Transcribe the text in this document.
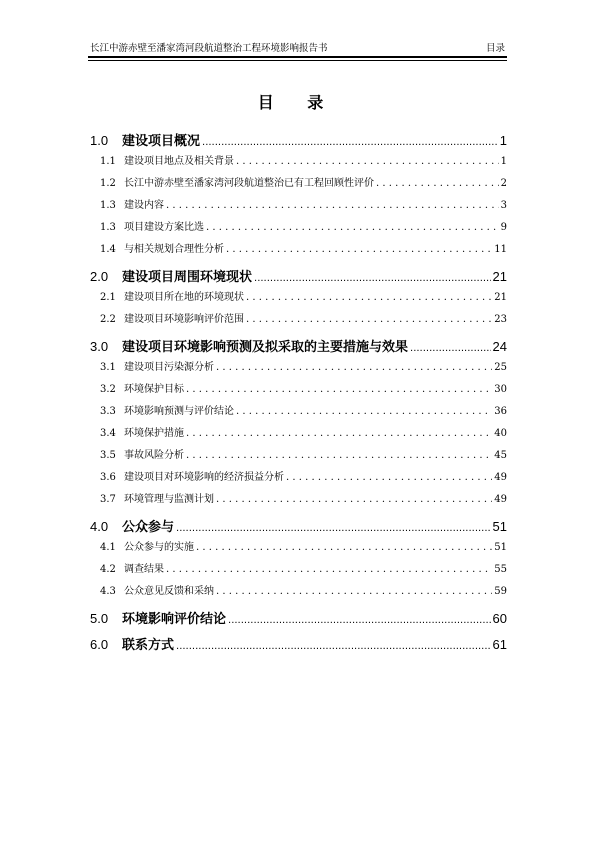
长江中游赤壁至潘家湾河段航道整治工程环境影响报告书	目录
目 录
1.0	建设项目概况 .....	1
1.1 建设项目地点及相关背景 .....	1
1.2 长江中游赤壁至潘家湾河段航道整治已有工程回顾性评价 .....	2
1.3 建设内容 .....	3
1.3 项目建设方案比选 .....	9
1.4 与相关规划合理性分析 .....	11
2.0	建设项目周围环境现状 .....	21
2.1 建设项目所在地的环境现状 .....	21
2.2 建设项目环境影响评价范围 .....	23
3.0	建设项目环境影响预测及拟采取的主要措施与效果 .....	24
3.1 建设项目污染源分析 .....	25
3.2 环境保护目标 .....	30
3.3 环境影响预测与评价结论 .....	36
3.4 环境保护措施 .....	40
3.5 事故风险分析 .....	45
3.6 建设项目对环境影响的经济损益分析 .....	49
3.7 环境管理与监测计划 .....	49
4.0	公众参与 .....	51
4.1 公众参与的实施 .....	51
4.2 调查结果 .....	55
4.3 公众意见反馈和采纳 .....	59
5.0	环境影响评价结论 .....	60
6.0	联系方式 .....	61
